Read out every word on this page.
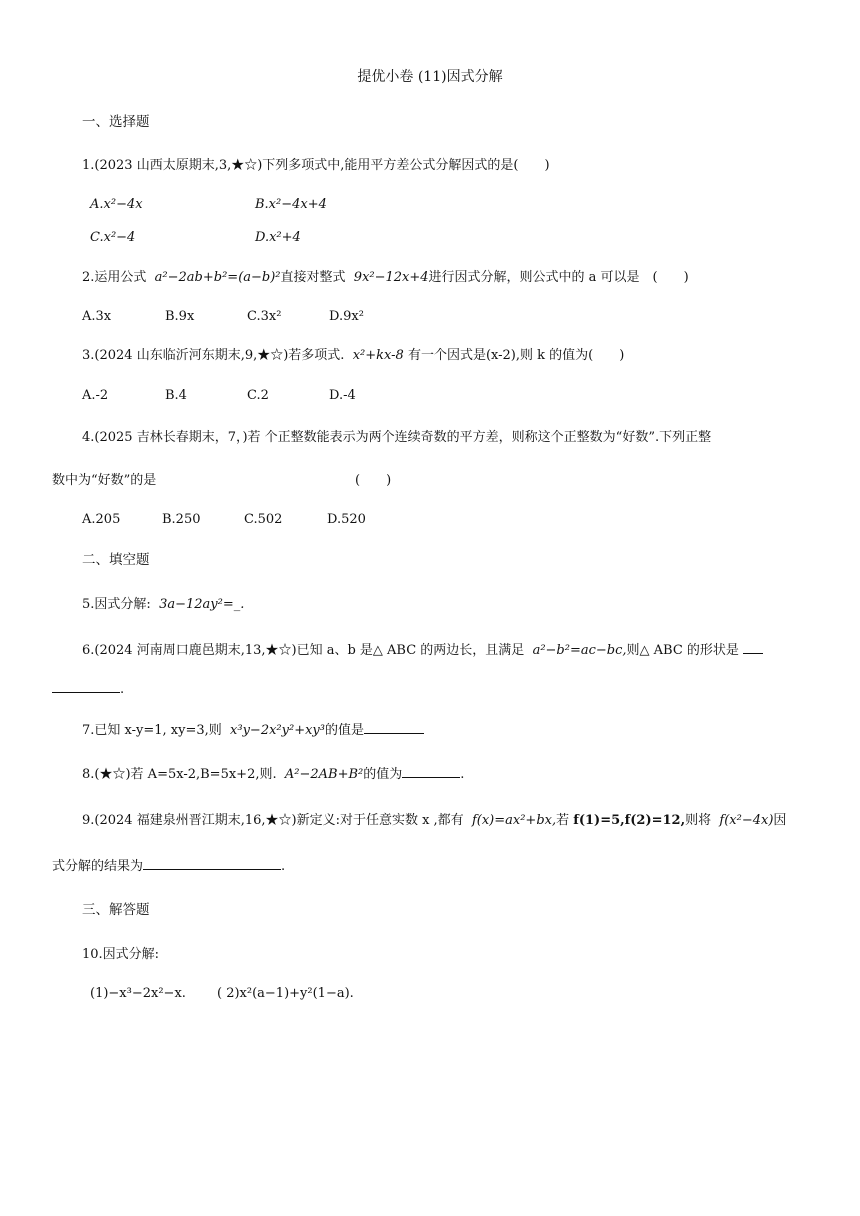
提优小卷 (11)因式分解
一、选择题
1.(2023 山西太原期末,3,★☆)下列多项式中,能用平方差公式分解因式的是(　　)
A.x²−4x	B.x²−4x+4
C.x²−4	D.x²+4
2.运用公式 a²−2ab+b²=(a−b)²直接对整式 9x²−12x+4进行因式分解，则公式中的 a 可以是　(　　)
A.3x	B.9x	C.3x²	D.9x²
3.(2024 山东临沂河东期末,9,★☆)若多项式. x²+kx-8 有一个因式是(x-2),则 k 的值为(　　)
A.-2	B.4	C.2	D.-4
4.(2025 吉林长春期末，7，)若 个正整数能表示为两个连续奇数的平方差，则称这个正整数为“好数”.下列正整
数中为“好数”的是	(　　)
A.205	B.250	C.502	D.520
二、填空题
5.因式分解: 3a−12ay²=_.
6.(2024 河南周口鹿邑期末,13,★☆)已知 a、b 是△ ABC 的两边长，且满足 a²−b²=ac−bc,则△ ABC 的形状是
.
7.已知 x-y=1, xy=3,则 x³y−2x²y²+xy³的值是
8.(★☆)若 A=5x-2,B=5x+2,则. A²−2AB+B²的值为	.
9.(2024 福建泉州晋江期末,16,★☆)新定义:对于任意实数 x ,都有 f(x)=ax²+bx,若 f(1)=5,f(2)=12,则将 f(x²−4x)因
式分解的结果为	.
三、解答题
10.因式分解:
(1)−x³−2x²−x. ( 2)x²(a−1)+y²(1−a).
